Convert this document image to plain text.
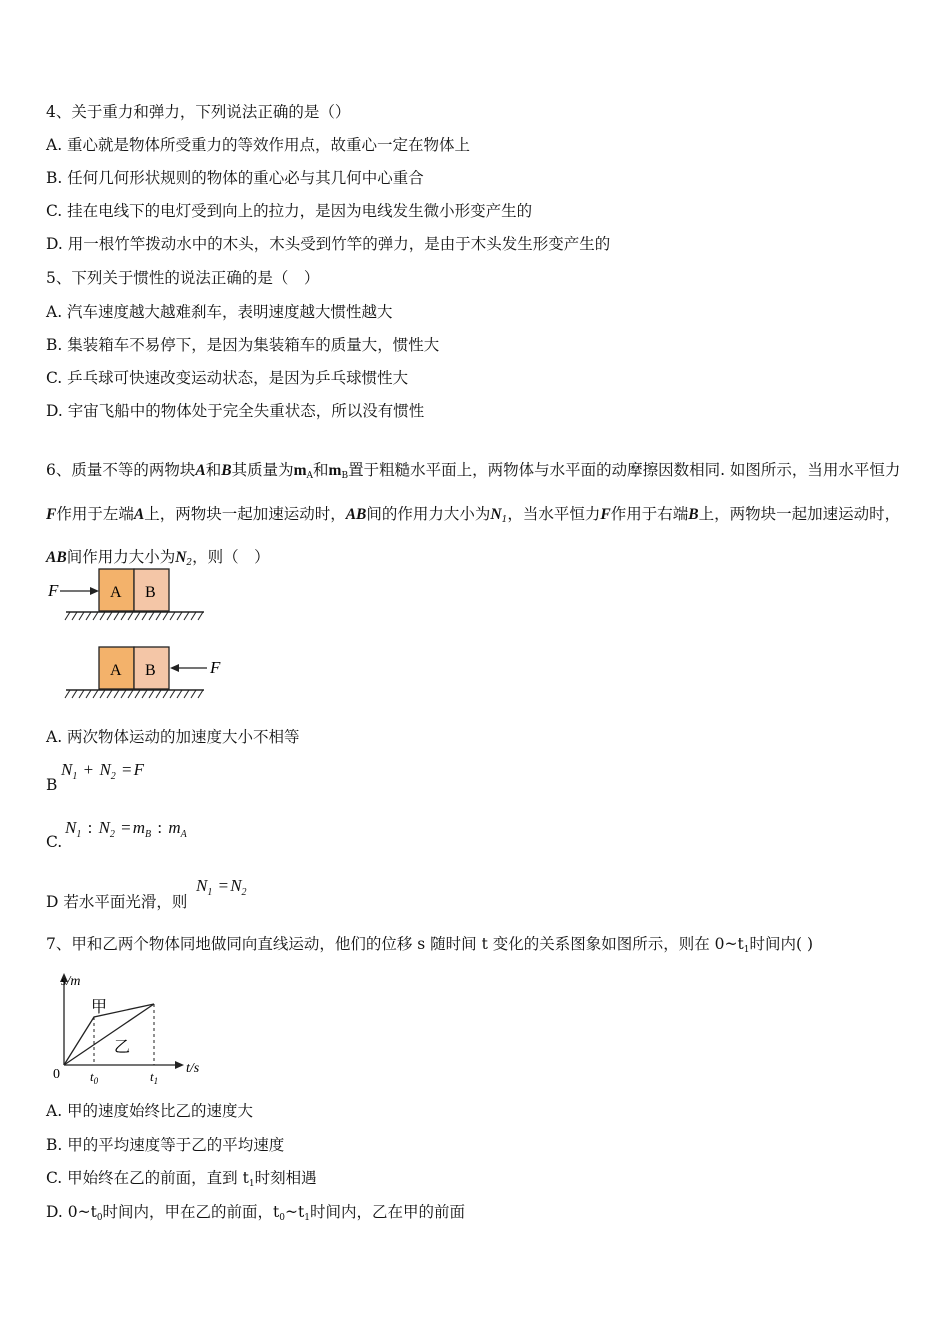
4、关于重力和弹力，下列说法正确的是（）
A. 重心就是物体所受重力的等效作用点，故重心一定在物体上
B. 任何几何形状规则的物体的重心必与其几何中心重合
C. 挂在电线下的电灯受到向上的拉力，是因为电线发生微小形变产生的
D. 用一根竹竿拨动水中的木头，木头受到竹竿的弹力，是由于木头发生形变产生的
5、下列关于惯性的说法正确的是（　）
A. 汽车速度越大越难刹车，表明速度越大惯性越大
B. 集装箱车不易停下，是因为集装箱车的质量大，惯性大
C. 乒乓球可快速改变运动状态，是因为乒乓球惯性大
D. 宇宙飞船中的物体处于完全失重状态，所以没有惯性
6、质量不等的两物块A和B其质量为mA和mB置于粗糙水平面上，两物体与水平面的动摩擦因数相同. 如图所示，当用水平恒力F作用于左端A上，两物块一起加速运动时，AB间的作用力大小为N1，当水平恒力F作用于右端B上，两物块一起加速运动时，AB间作用力大小为N2，则（　）
F	A B
A B	F
A. 两次物体运动的加速度大小不相等
B
$N_1 + N_2 = F$
C.
$N_1$ : $N_2 = m_B$ : $m_A$
D 若水平面光滑，则
$N_1 = N_2$
7、甲和乙两个物体同地做同向直线运动，他们的位移 s 随时间 t 变化的关系图象如图所示，则在 0~t1时间内( )
s/m
t/s
0
甲
乙
$t_0$	$t_1$
A. 甲的速度始终比乙的速度大
B. 甲的平均速度等于乙的平均速度
C. 甲始终在乙的前面，直到 t1时刻相遇
D. 0~t0时间内，甲在乙的前面，t0~t1时间内，乙在甲的前面
